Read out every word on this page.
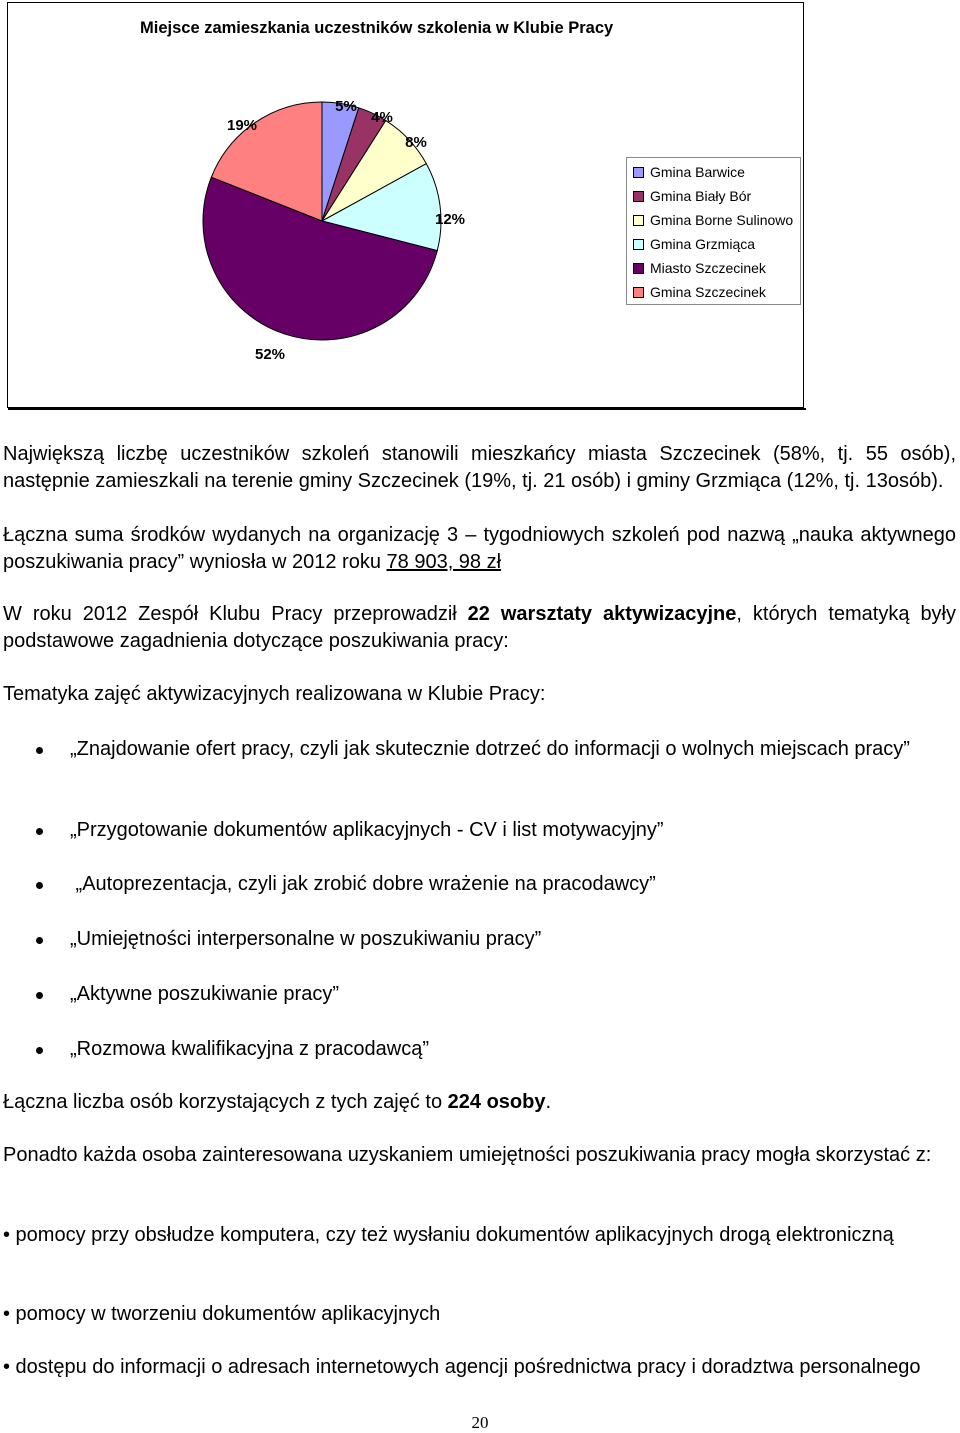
Miejsce zamieszkania uczestników szkolenia w Klubie Pracy
5%
4%
8%
12%
52%
19%
Gmina Barwice
Gmina Biały Bór
Gmina Borne Sulinowo
Gmina Grzmiąca
Miasto Szczecinek
Gmina Szczecinek

Największą liczbę uczestników szkoleń stanowili mieszkańcy miasta Szczecinek (58%, tj. 55 osób), następnie zamieszkali na terenie gminy Szczecinek (19%, tj. 21 osób) i gminy Grzmiąca (12%, tj. 13osób).

Łączna suma środków wydanych na organizację 3 – tygodniowych szkoleń pod nazwą „nauka aktywnego poszukiwania pracy” wyniosła w 2012 roku 78 903, 98 zł

W roku 2012 Zespół Klubu Pracy przeprowadził 22 warsztaty aktywizacyjne, których tematyką były podstawowe zagadnienia dotyczące poszukiwania pracy:

Tematyka zajęć aktywizacyjnych realizowana w Klubie Pracy:

„Znajdowanie ofert pracy, czyli jak skutecznie dotrzeć do informacji o wolnych miejscach pracy”
„Przygotowanie dokumentów aplikacyjnych - CV i list motywacyjny”
„Autoprezentacja, czyli jak zrobić dobre wrażenie na pracodawcy”
„Umiejętności interpersonalne w poszukiwaniu pracy”
„Aktywne poszukiwanie pracy”
„Rozmowa kwalifikacyjna z pracodawcą”

Łączna liczba osób korzystających z tych zajęć to 224 osoby.

Ponadto każda osoba zainteresowana uzyskaniem umiejętności poszukiwania pracy mogła skorzystać z:

• pomocy przy obsłudze komputera, czy też wysłaniu dokumentów aplikacyjnych drogą elektroniczną
• pomocy w tworzeniu dokumentów aplikacyjnych
• dostępu do informacji o adresach internetowych agencji pośrednictwa pracy i doradztwa personalnego
20
